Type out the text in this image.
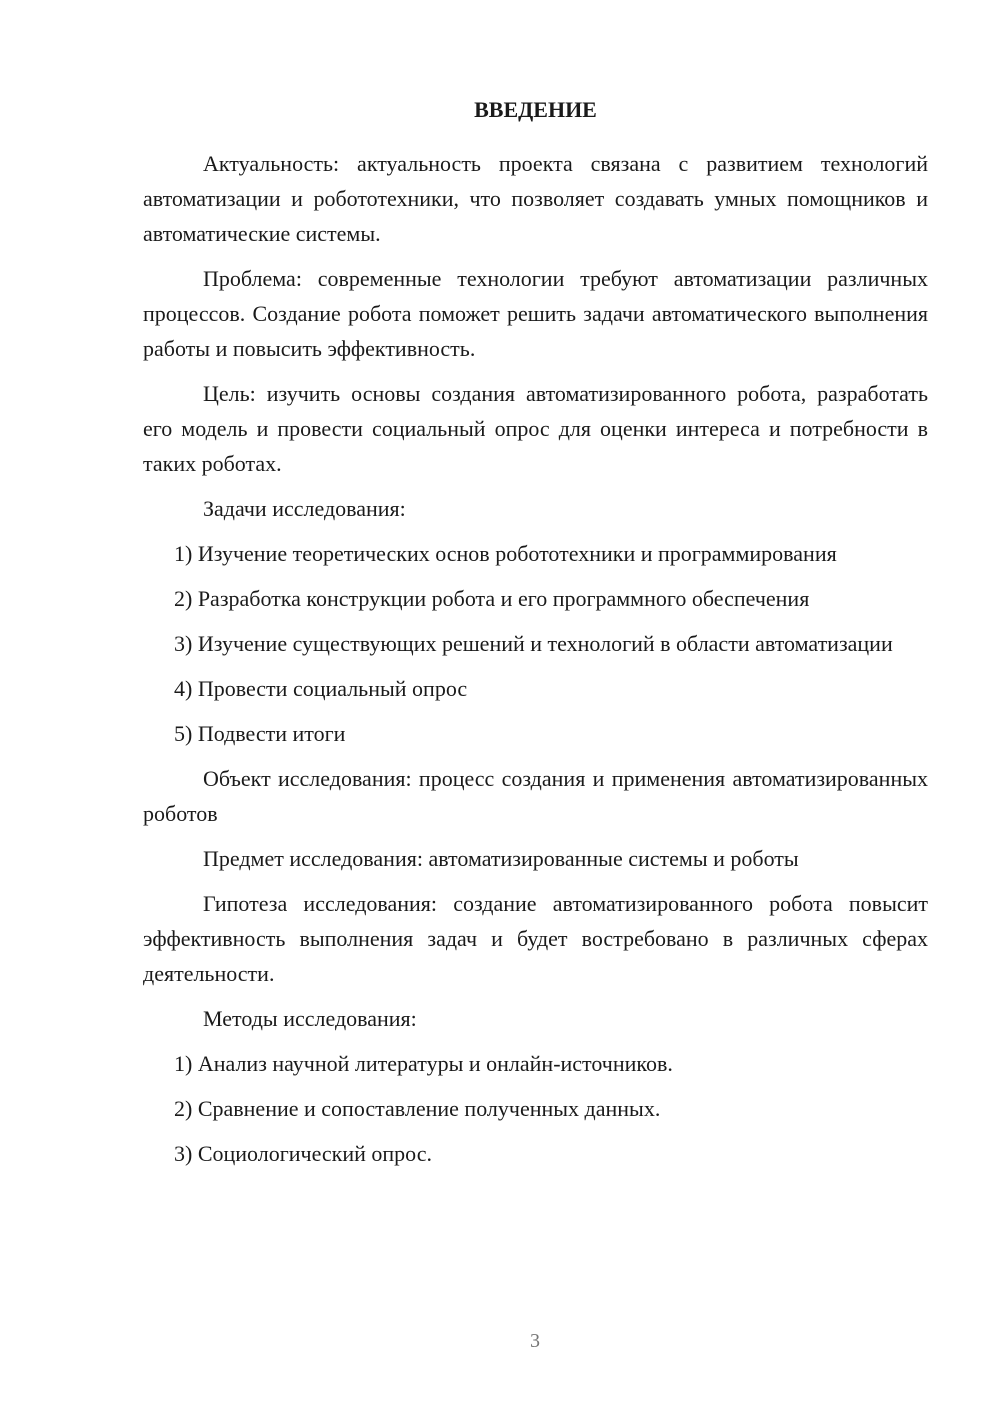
ВВЕДЕНИЕ

Актуальность: актуальность проекта связана с развитием технологий автоматизации и робототехники, что позволяет создавать умных помощников и автоматические системы.

Проблема: современные технологии требуют автоматизации различных процессов. Создание робота поможет решить задачи автоматического выполнения работы и повысить эффективность.

Цель: изучить основы создания автоматизированного робота, разработать его модель и провести социальный опрос для оценки интереса и потребности в таких роботах.

Задачи исследования:

1) Изучение теоретических основ робототехники и программирования

2) Разработка конструкции робота и его программного обеспечения

3) Изучение существующих решений и технологий в области автоматизации

4) Провести социальный опрос

5) Подвести итоги

Объект исследования: процесс создания и применения автоматизированных роботов

Предмет исследования: автоматизированные системы и роботы

Гипотеза исследования: создание автоматизированного робота повысит эффективность выполнения задач и будет востребовано в различных сферах деятельности.

Методы исследования:

1) Анализ научной литературы и онлайн-источников.

2) Сравнение и сопоставление полученных данных.

3) Социологический опрос.

3
